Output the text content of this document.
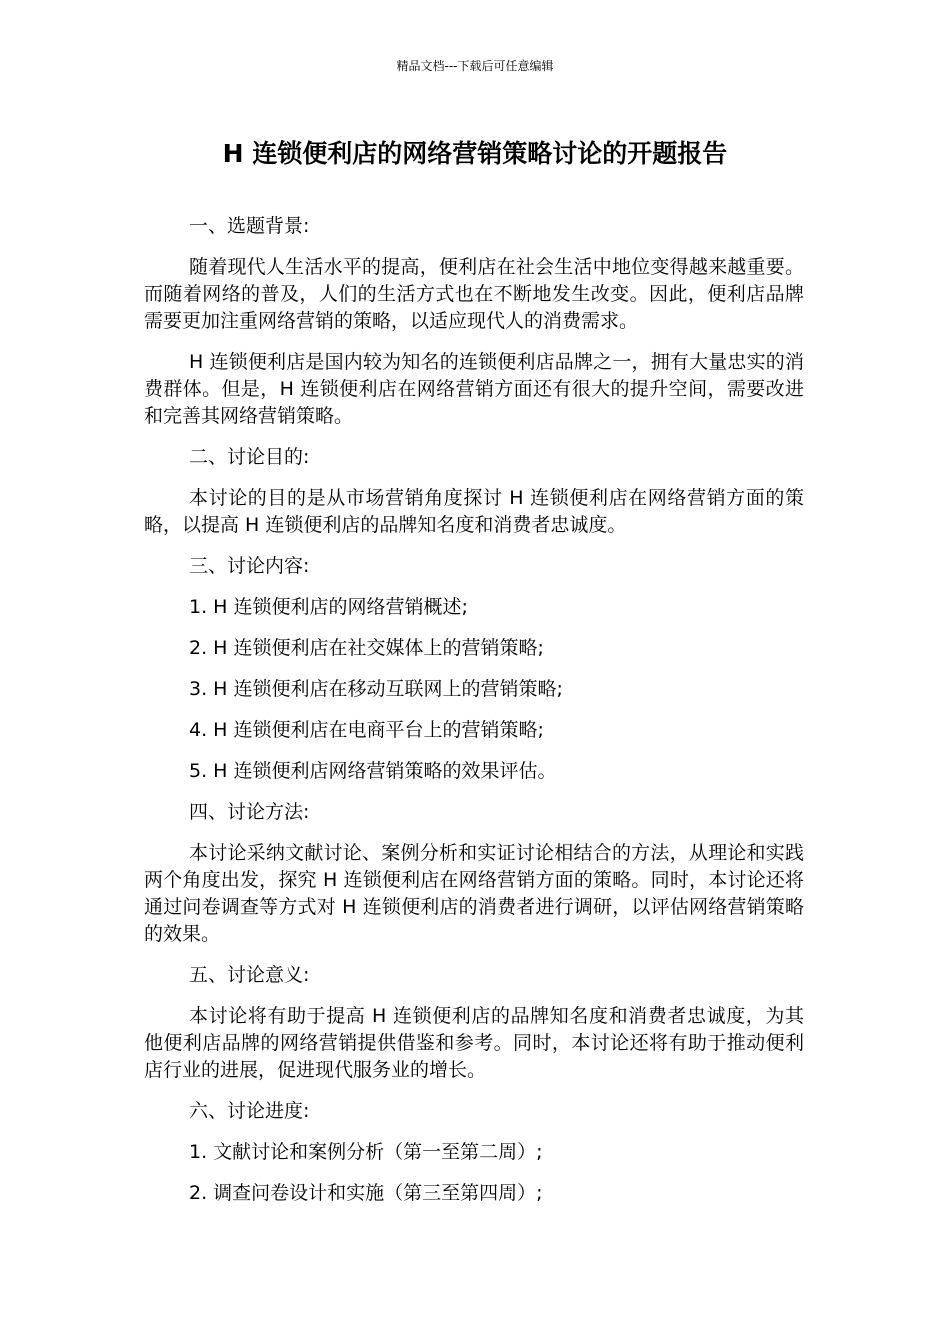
精品文档---下载后可任意编辑
H 连锁便利店的网络营销策略讨论的开题报告

一、选题背景:

随着现代人生活水平的提高，便利店在社会生活中地位变得越来越重要。而随着网络的普及，人们的生活方式也在不断地发生改变。因此，便利店品牌需要更加注重网络营销的策略，以适应现代人的消费需求。

H 连锁便利店是国内较为知名的连锁便利店品牌之一，拥有大量忠实的消费群体。但是，H 连锁便利店在网络营销方面还有很大的提升空间，需要改进和完善其网络营销策略。

二、讨论目的:

本讨论的目的是从市场营销角度探讨 H 连锁便利店在网络营销方面的策略，以提高 H 连锁便利店的品牌知名度和消费者忠诚度。

三、讨论内容:

1. H 连锁便利店的网络营销概述;

2. H 连锁便利店在社交媒体上的营销策略;

3. H 连锁便利店在移动互联网上的营销策略;

4. H 连锁便利店在电商平台上的营销策略;

5. H 连锁便利店网络营销策略的效果评估。

四、讨论方法:

本讨论采纳文献讨论、案例分析和实证讨论相结合的方法，从理论和实践两个角度出发，探究 H 连锁便利店在网络营销方面的策略。同时，本讨论还将通过问卷调查等方式对 H 连锁便利店的消费者进行调研，以评估网络营销策略的效果。

五、讨论意义:

本讨论将有助于提高 H 连锁便利店的品牌知名度和消费者忠诚度，为其他便利店品牌的网络营销提供借鉴和参考。同时，本讨论还将有助于推动便利店行业的进展，促进现代服务业的增长。

六、讨论进度:

1. 文献讨论和案例分析（第一至第二周）;

2. 调查问卷设计和实施（第三至第四周）;
